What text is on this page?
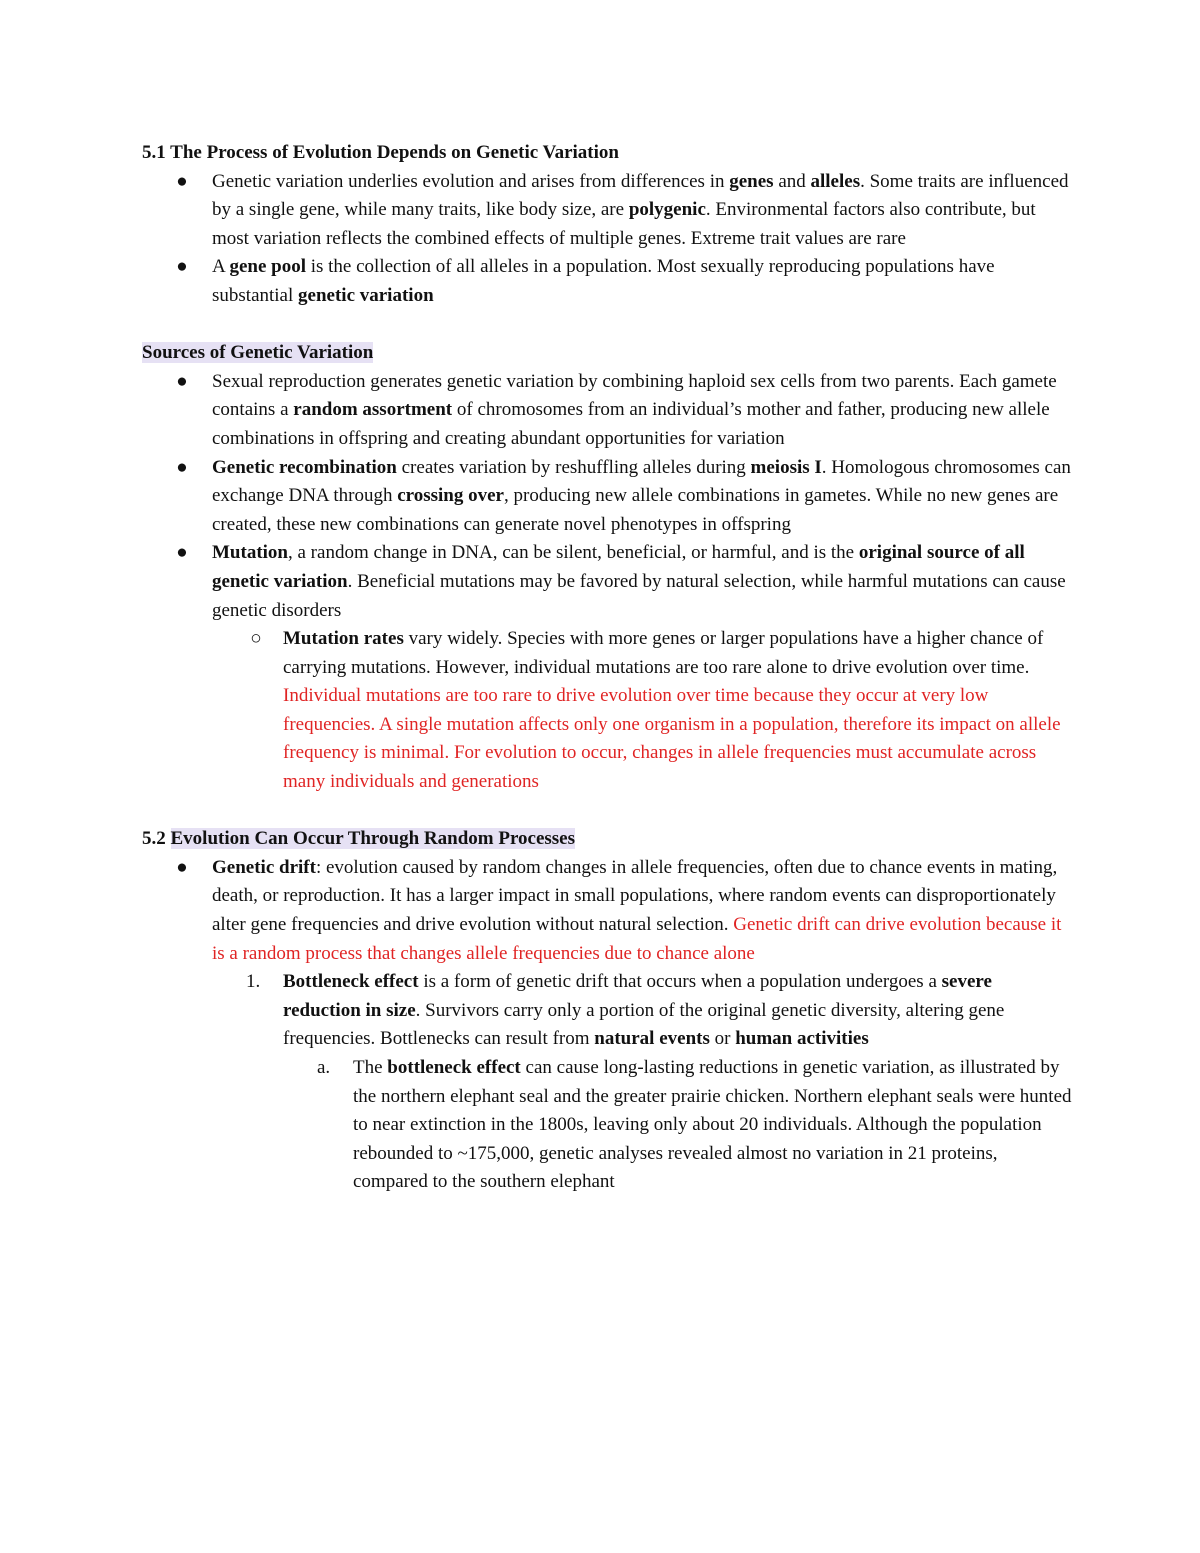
5.1 The Process of Evolution Depends on Genetic Variation

● Genetic variation underlies evolution and arises from differences in genes and alleles. Some traits are influenced by a single gene, while many traits, like body size, are polygenic. Environmental factors also contribute, but most variation reflects the combined effects of multiple genes. Extreme trait values are rare
● A gene pool is the collection of all alleles in a population. Most sexually reproducing populations have substantial genetic variation

Sources of Genetic Variation

● Sexual reproduction generates genetic variation by combining haploid sex cells from two parents. Each gamete contains a random assortment of chromosomes from an individual’s mother and father, producing new allele combinations in offspring and creating abundant opportunities for variation
● Genetic recombination creates variation by reshuffling alleles during meiosis I. Homologous chromosomes can exchange DNA through crossing over, producing new allele combinations in gametes. While no new genes are created, these new combinations can generate novel phenotypes in offspring
● Mutation, a random change in DNA, can be silent, beneficial, or harmful, and is the original source of all genetic variation. Beneficial mutations may be favored by natural selection, while harmful mutations can cause genetic disorders
○ Mutation rates vary widely. Species with more genes or larger populations have a higher chance of carrying mutations. However, individual mutations are too rare alone to drive evolution over time. Individual mutations are too rare to drive evolution over time because they occur at very low frequencies. A single mutation affects only one organism in a population, therefore its impact on allele frequency is minimal. For evolution to occur, changes in allele frequencies must accumulate across many individuals and generations

5.2 Evolution Can Occur Through Random Processes

● Genetic drift: evolution caused by random changes in allele frequencies, often due to chance events in mating, death, or reproduction. It has a larger impact in small populations, where random events can disproportionately alter gene frequencies and drive evolution without natural selection. Genetic drift can drive evolution because it is a random process that changes allele frequencies due to chance alone
1. Bottleneck effect is a form of genetic drift that occurs when a population undergoes a severe reduction in size. Survivors carry only a portion of the original genetic diversity, altering gene frequencies. Bottlenecks can result from natural events or human activities
a. The bottleneck effect can cause long-lasting reductions in genetic variation, as illustrated by the northern elephant seal and the greater prairie chicken. Northern elephant seals were hunted to near extinction in the 1800s, leaving only about 20 individuals. Although the population rebounded to ~175,000, genetic analyses revealed almost no variation in 21 proteins, compared to the southern elephant
